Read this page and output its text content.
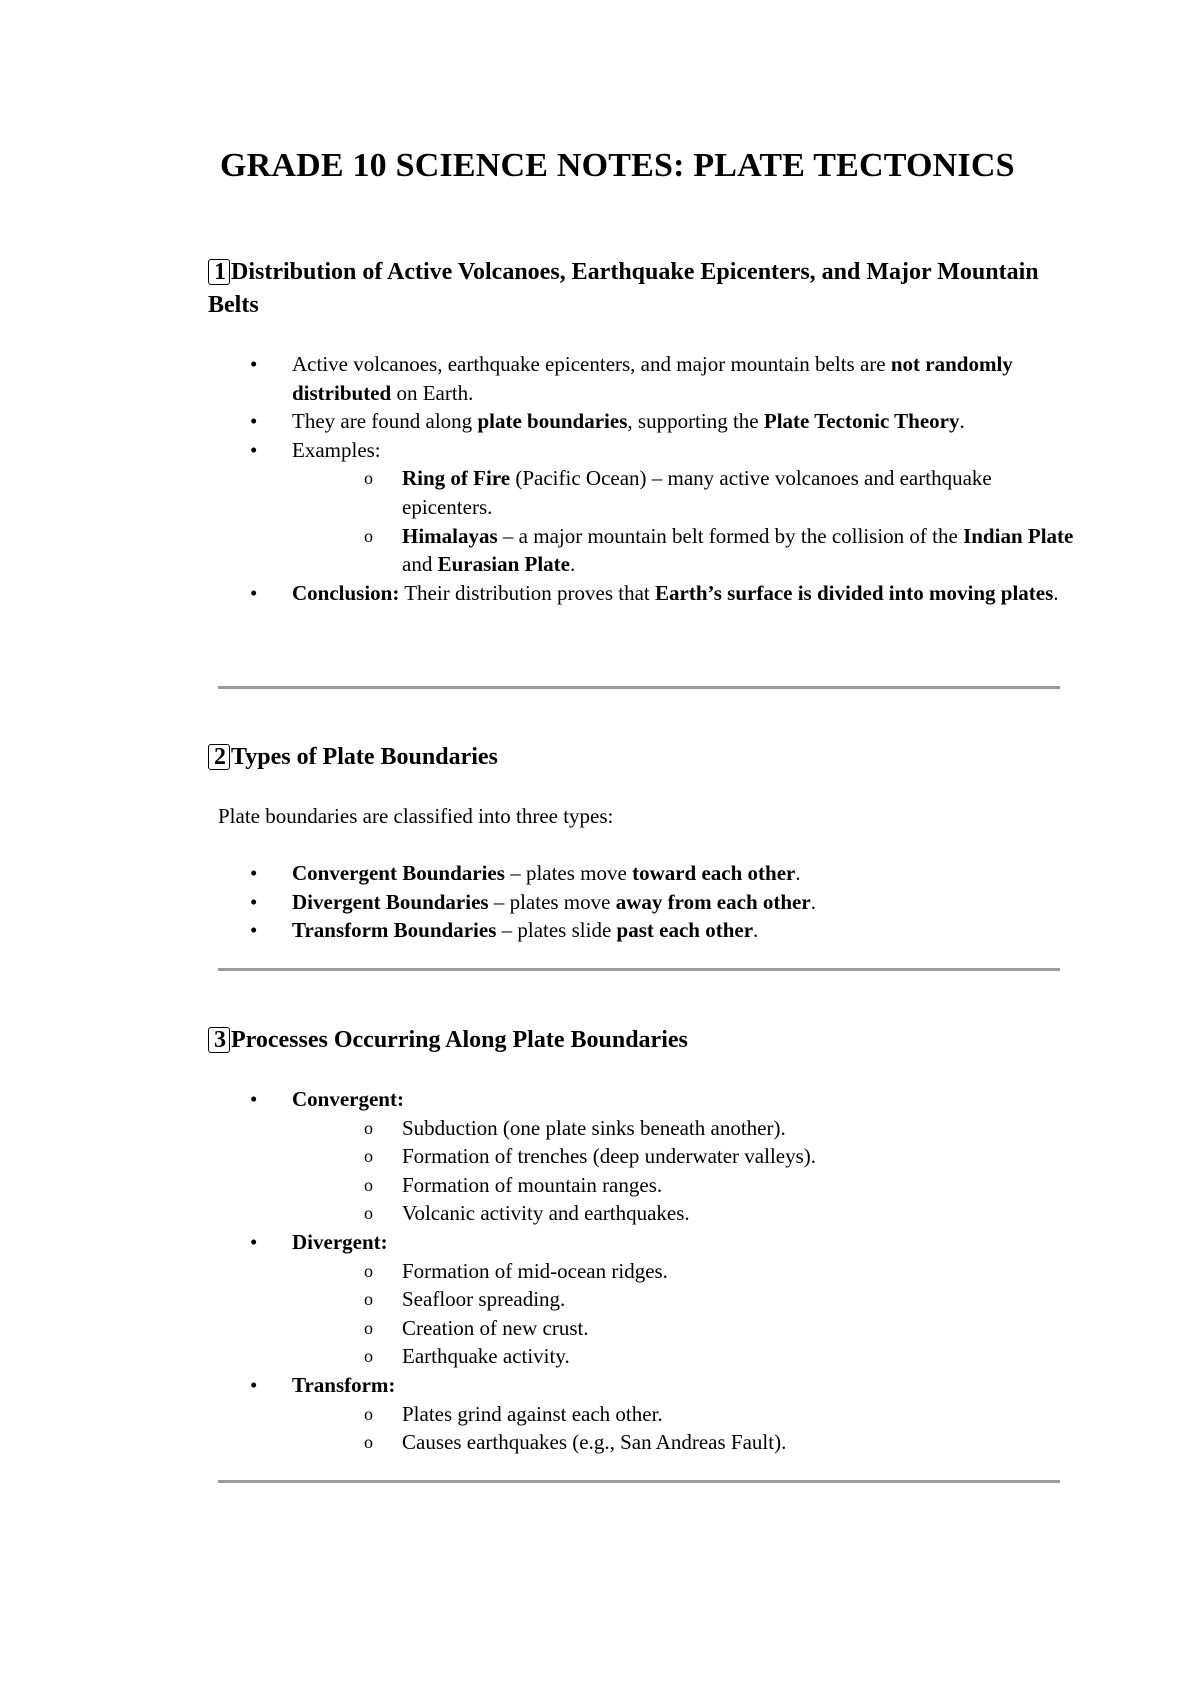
GRADE 10 SCIENCE NOTES: PLATE TECTONICS
1 Distribution of Active Volcanoes, Earthquake Epicenters, and Major Mountain Belts
• Active volcanoes, earthquake epicenters, and major mountain belts are not randomly distributed on Earth.
• They are found along plate boundaries, supporting the Plate Tectonic Theory.
• Examples:
o Ring of Fire (Pacific Ocean) – many active volcanoes and earthquake epicenters.
o Himalayas – a major mountain belt formed by the collision of the Indian Plate and Eurasian Plate.
• Conclusion: Their distribution proves that Earth’s surface is divided into moving plates.
2 Types of Plate Boundaries

Plate boundaries are classified into three types:

• Convergent Boundaries – plates move toward each other.
• Divergent Boundaries – plates move away from each other.
• Transform Boundaries – plates slide past each other.
3 Processes Occurring Along Plate Boundaries
• Convergent:
o Subduction (one plate sinks beneath another).
o Formation of trenches (deep underwater valleys).
o Formation of mountain ranges.
o Volcanic activity and earthquakes.
• Divergent:
o Formation of mid-ocean ridges.
o Seafloor spreading.
o Creation of new crust.
o Earthquake activity.
• Transform:
o Plates grind against each other.
o Causes earthquakes (e.g., San Andreas Fault).
